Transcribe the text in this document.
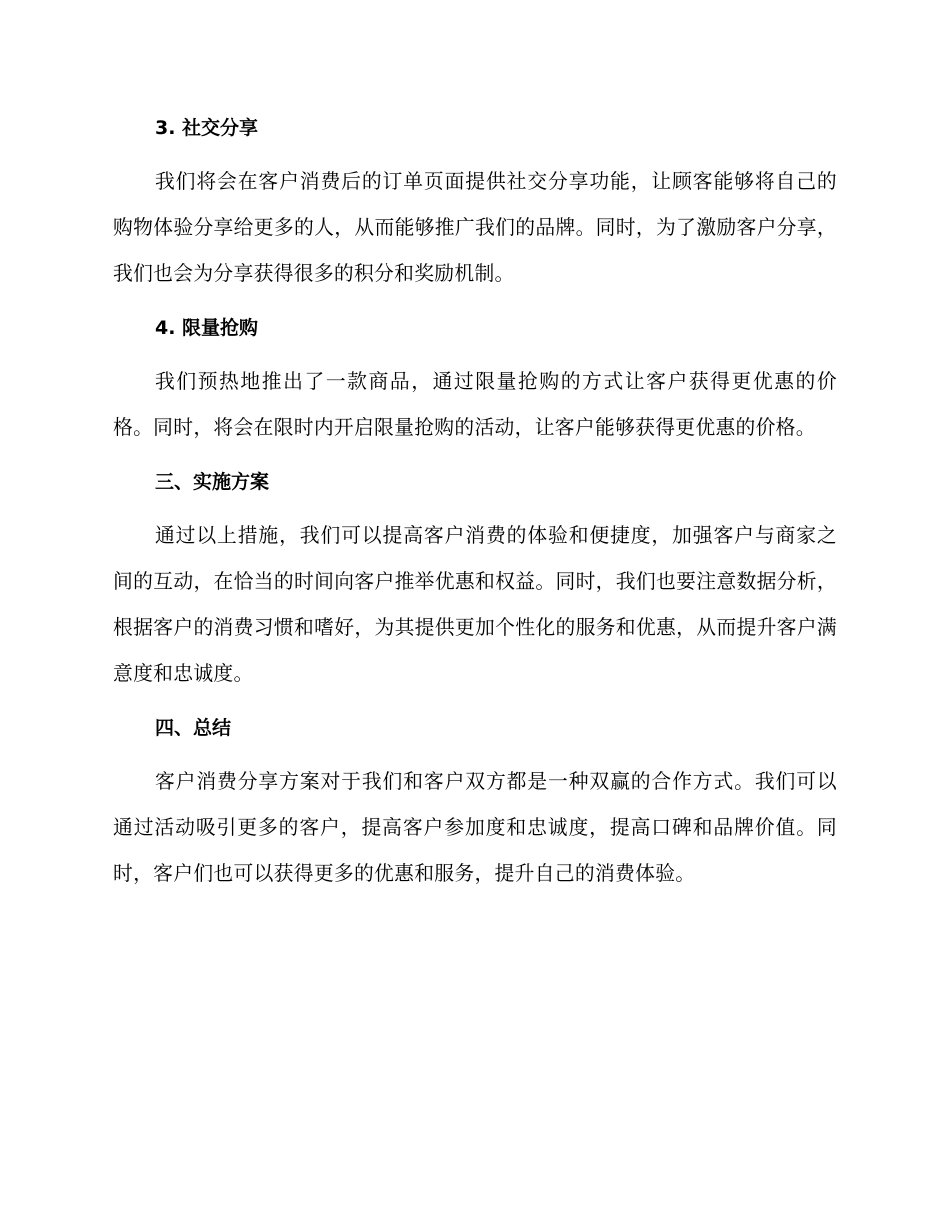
3. 社交分享

我们将会在客户消费后的订单页面提供社交分享功能，让顾客能够将自己的购物体验分享给更多的人，从而能够推广我们的品牌。同时，为了激励客户分享，我们也会为分享获得很多的积分和奖励机制。

4. 限量抢购

我们预热地推出了一款商品，通过限量抢购的方式让客户获得更优惠的价格。同时，将会在限时内开启限量抢购的活动，让客户能够获得更优惠的价格。

三、实施方案

通过以上措施，我们可以提高客户消费的体验和便捷度，加强客户与商家之间的互动，在恰当的时间向客户推举优惠和权益。同时，我们也要注意数据分析，根据客户的消费习惯和嗜好，为其提供更加个性化的服务和优惠，从而提升客户满意度和忠诚度。

四、总结

客户消费分享方案对于我们和客户双方都是一种双赢的合作方式。我们可以通过活动吸引更多的客户，提高客户参加度和忠诚度，提高口碑和品牌价值。同时，客户们也可以获得更多的优惠和服务，提升自己的消费体验。
